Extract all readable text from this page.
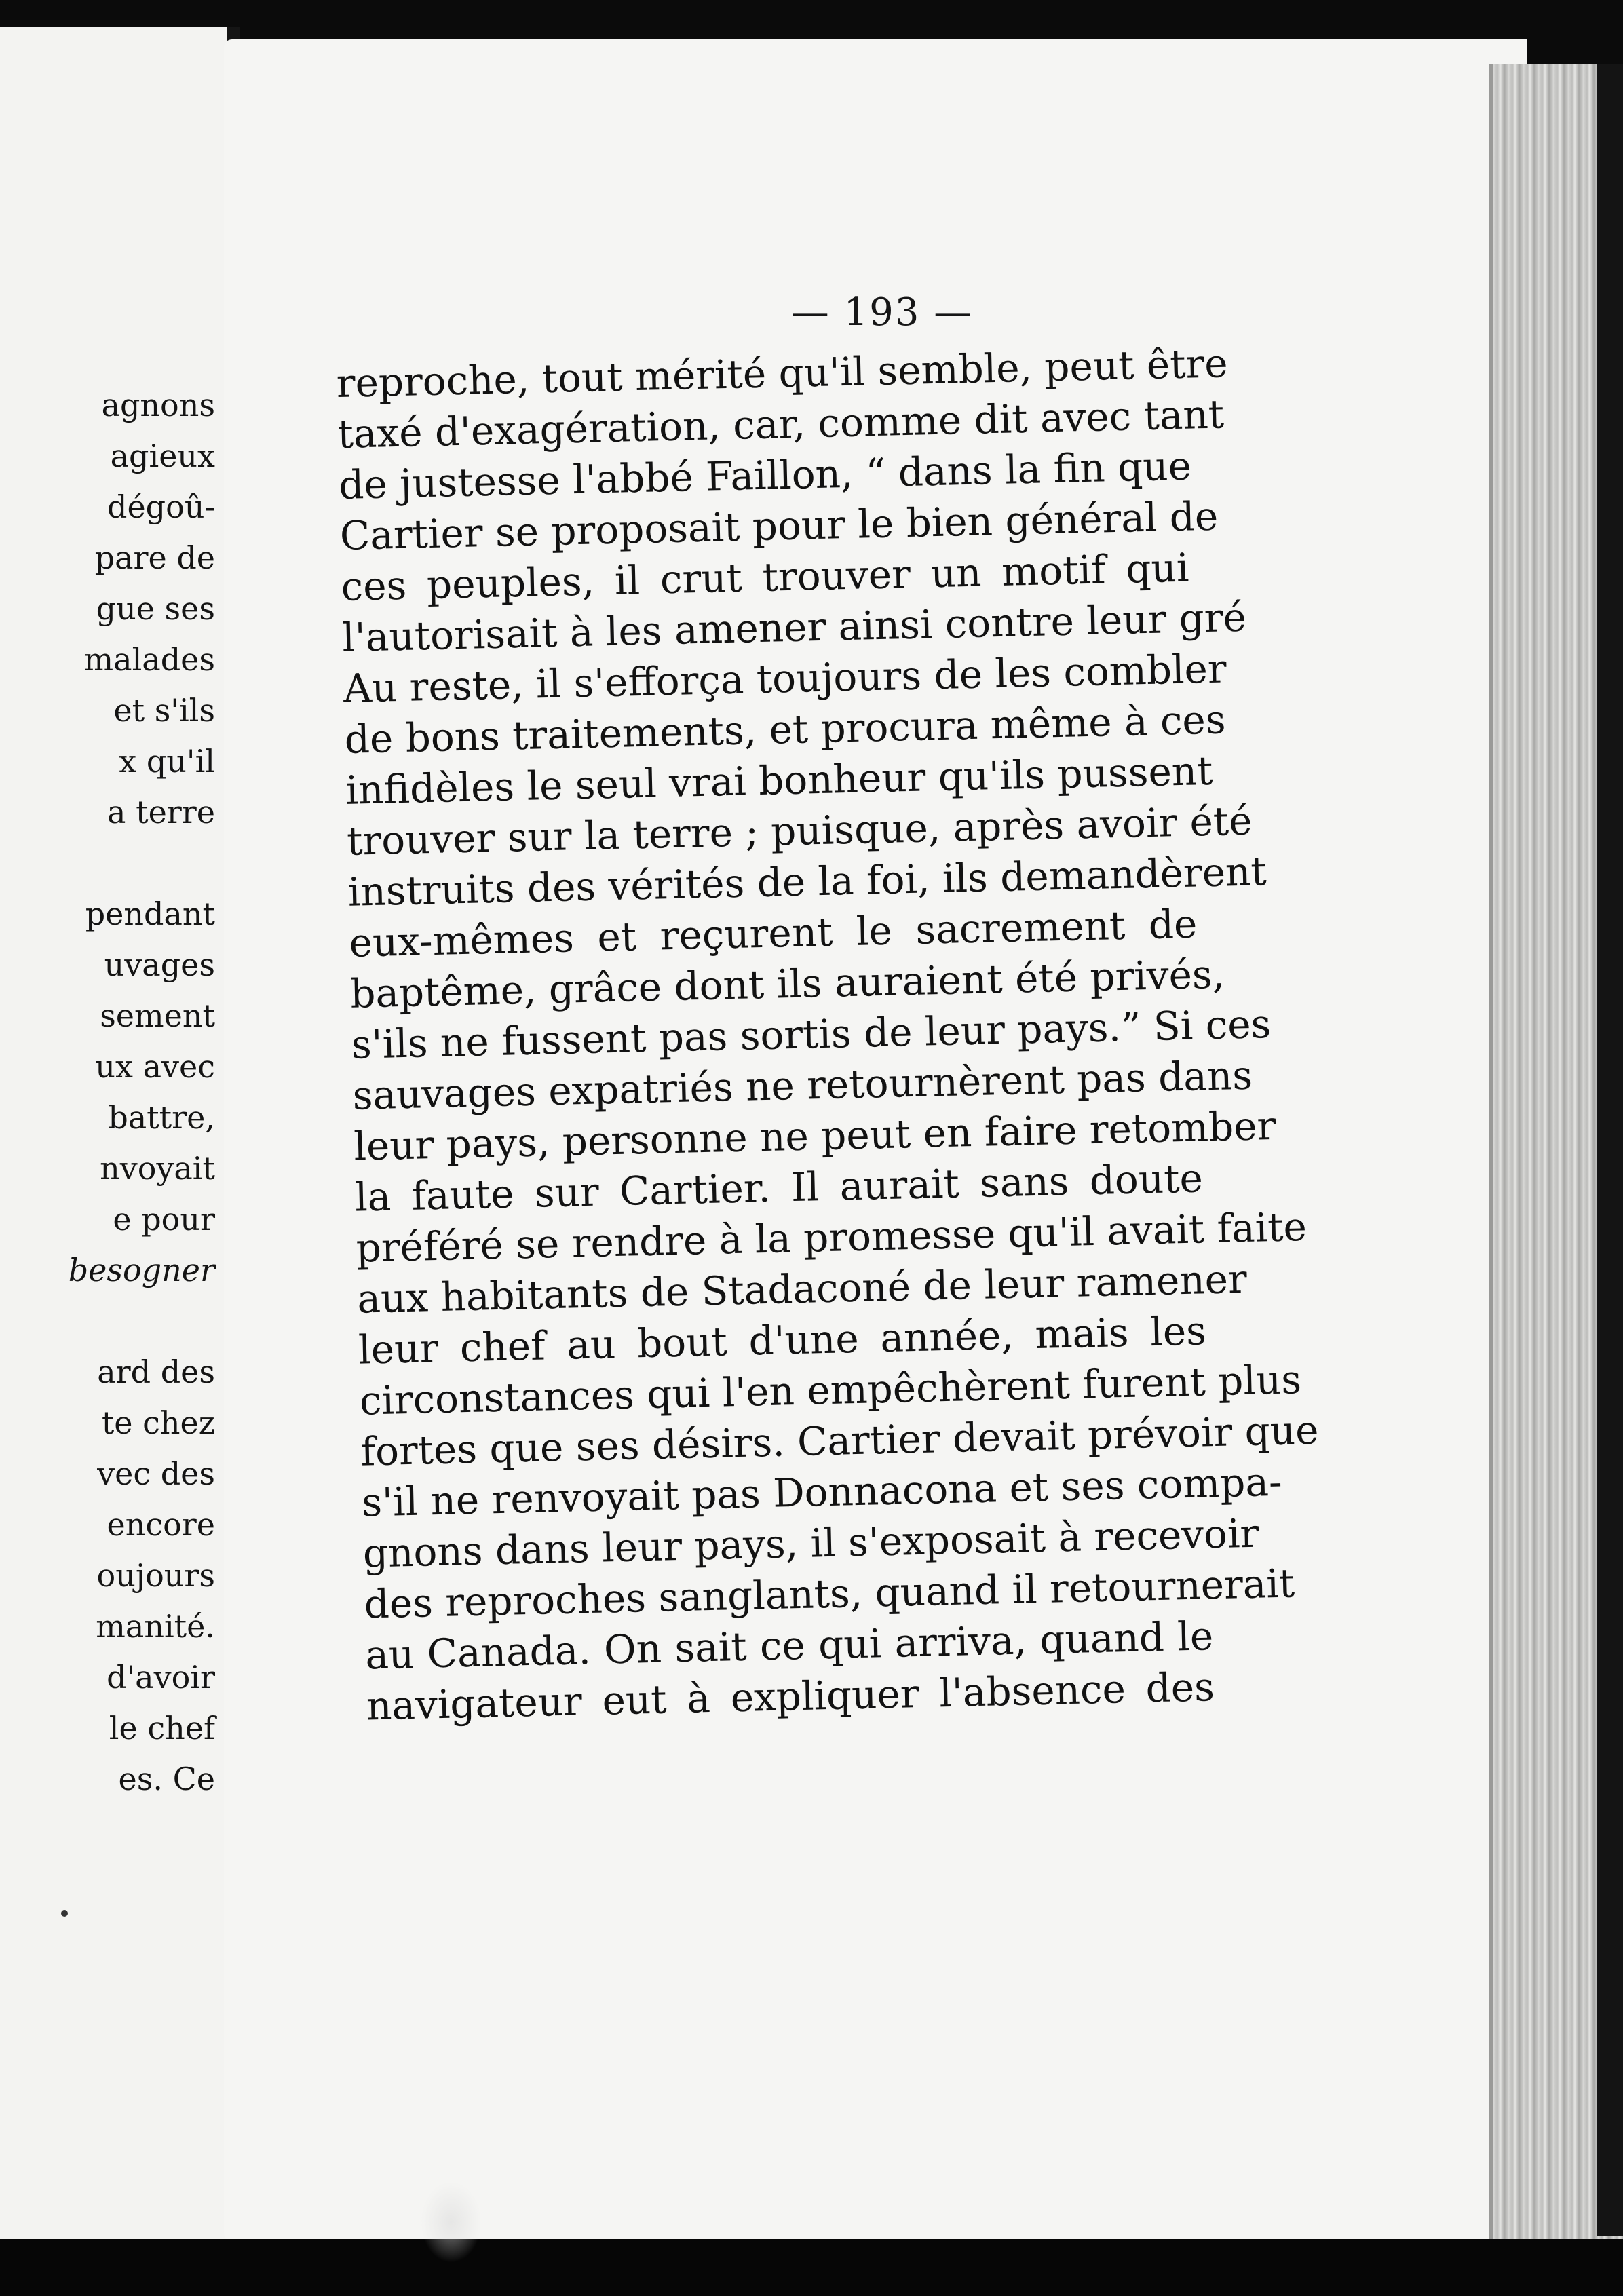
agnons
agieux
dégoû-
pare de
gue ses
malades
et s'ils
x qu'il
a terre
pendant
uvages
sement
ux avec
battre,
nvoyait
e pour
besogner
ard des
te chez
vec des
encore
oujours
manité.
d'avoir
le chef
es. Ce
— 193 —
reproche, tout mérité qu'il semble, peut être
taxé d'exagération, car, comme dit avec tant
de justesse l'abbé Faillon, “ dans la fin que
Cartier se proposait pour le bien général de
ces peuples, il crut trouver un motif qui
l'autorisait à les amener ainsi contre leur gré
Au reste, il s'efforça toujours de les combler
de bons traitements, et procura même à ces
infidèles le seul vrai bonheur qu'ils pussent
trouver sur la terre ; puisque, après avoir été
instruits des vérités de la foi, ils demandèrent
eux-mêmes et reçurent le sacrement de
baptême, grâce dont ils auraient été privés,
s'ils ne fussent pas sortis de leur pays.” Si ces
sauvages expatriés ne retournèrent pas dans
leur pays, personne ne peut en faire retomber
la faute sur Cartier. Il aurait sans doute
préféré se rendre à la promesse qu'il avait faite
aux habitants de Stadaconé de leur ramener
leur chef au bout d'une année, mais les
circonstances qui l'en empêchèrent furent plus
fortes que ses désirs. Cartier devait prévoir que
s'il ne renvoyait pas Donnacona et ses compa-
gnons dans leur pays, il s'exposait à recevoir
des reproches sanglants, quand il retournerait
au Canada. On sait ce qui arriva, quand le
navigateur eut à expliquer l'absence des
